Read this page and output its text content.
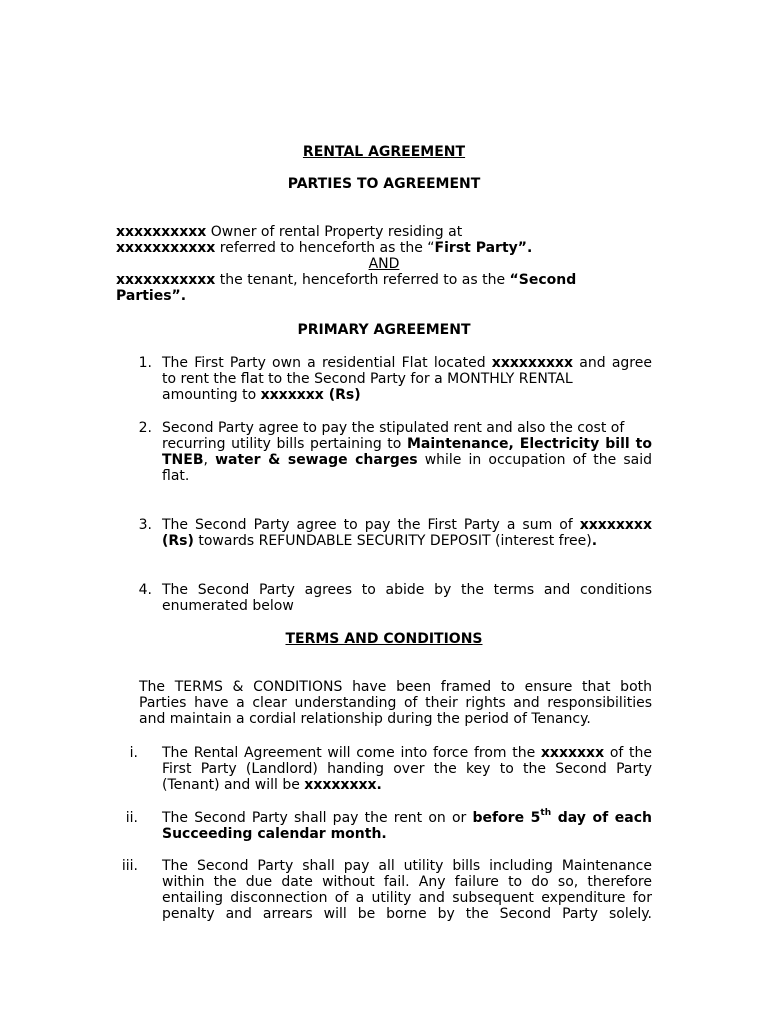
RENTAL AGREEMENT
PARTIES TO AGREEMENT
xxxxxxxxxx Owner of rental Property residing at
xxxxxxxxxxx referred to henceforth as the “First Party”.
AND
xxxxxxxxxxx the tenant, henceforth referred to as the “Second
Parties”.
PRIMARY AGREEMENT
1. The First Party own a residential Flat located xxxxxxxxx and agree
to rent the flat to the Second Party for a MONTHLY RENTAL
amounting to xxxxxxx (Rs)
2. Second Party agree to pay the stipulated rent and also the cost of
recurring utility bills pertaining to Maintenance, Electricity bill to
TNEB, water & sewage charges while in occupation of the said
flat.
3. The Second Party agree to pay the First Party a sum of xxxxxxxx
(Rs) towards REFUNDABLE SECURITY DEPOSIT (interest free).
4. The Second Party agrees to abide by the terms and conditions
enumerated below
TERMS AND CONDITIONS
The TERMS & CONDITIONS have been framed to ensure that both
Parties have a clear understanding of their rights and responsibilities
and maintain a cordial relationship during the period of Tenancy.
i. The Rental Agreement will come into force from the xxxxxxx of the
First Party (Landlord) handing over the key to the Second Party
(Tenant) and will be xxxxxxxx.
ii. The Second Party shall pay the rent on or before 5th day of each
Succeeding calendar month.
iii. The Second Party shall pay all utility bills including Maintenance
within the due date without fail. Any failure to do so, therefore
entailing disconnection of a utility and subsequent expenditure for
penalty and arrears will be borne by the Second Party solely.
